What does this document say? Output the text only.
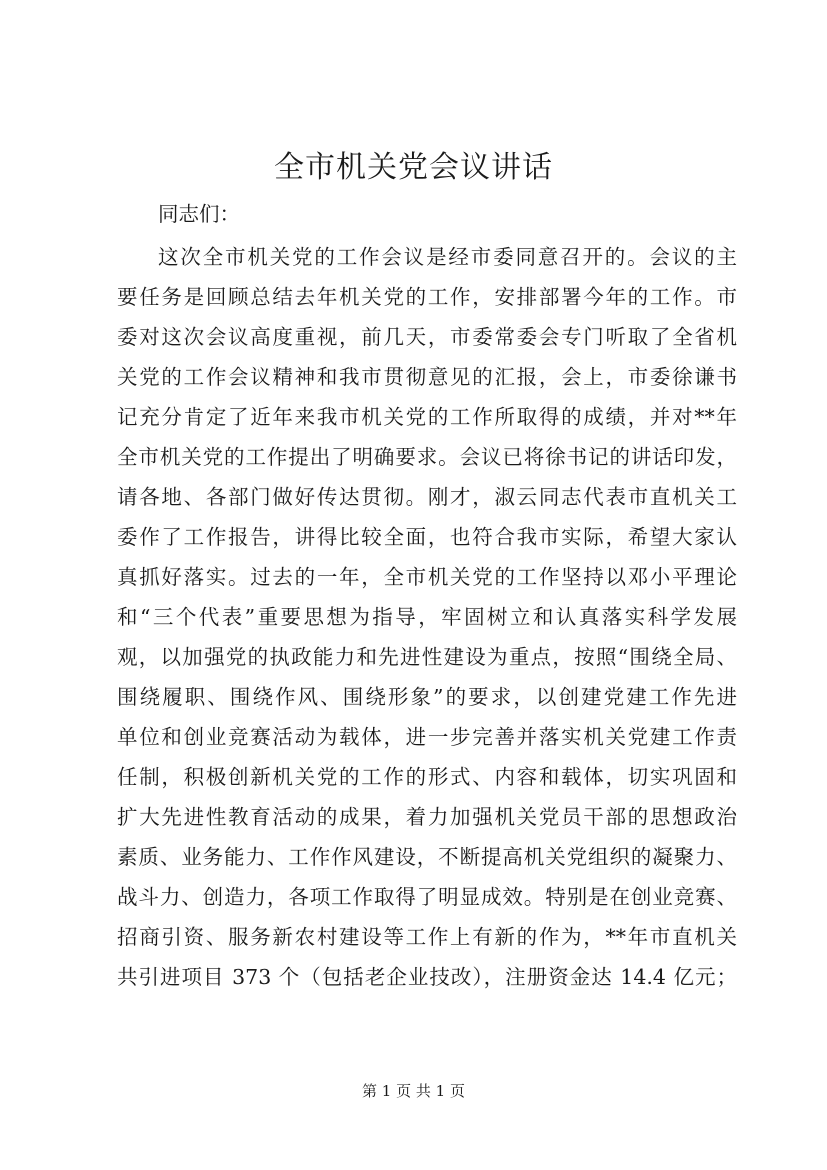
全市机关党会议讲话

同志们：

这次全市机关党的工作会议是经市委同意召开的。会议的主
要任务是回顾总结去年机关党的工作，安排部署今年的工作。市
委对这次会议高度重视，前几天，市委常委会专门听取了全省机
关党的工作会议精神和我市贯彻意见的汇报，会上，市委徐谦书
记充分肯定了近年来我市机关党的工作所取得的成绩，并对**年
全市机关党的工作提出了明确要求。会议已将徐书记的讲话印发，
请各地、各部门做好传达贯彻。刚才，淑云同志代表市直机关工
委作了工作报告，讲得比较全面，也符合我市实际，希望大家认
真抓好落实。过去的一年，全市机关党的工作坚持以邓小平理论
和“三个代表”重要思想为指导，牢固树立和认真落实科学发展
观，以加强党的执政能力和先进性建设为重点，按照“围绕全局、
围绕履职、围绕作风、围绕形象”的要求，以创建党建工作先进
单位和创业竞赛活动为载体，进一步完善并落实机关党建工作责
任制，积极创新机关党的工作的形式、内容和载体，切实巩固和
扩大先进性教育活动的成果，着力加强机关党员干部的思想政治
素质、业务能力、工作作风建设，不断提高机关党组织的凝聚力、
战斗力、创造力，各项工作取得了明显成效。特别是在创业竞赛、
招商引资、服务新农村建设等工作上有新的作为，**年市直机关
共引进项目 373 个（包括老企业技改），注册资金达 14.4 亿元；
第 1 页 共 1 页
